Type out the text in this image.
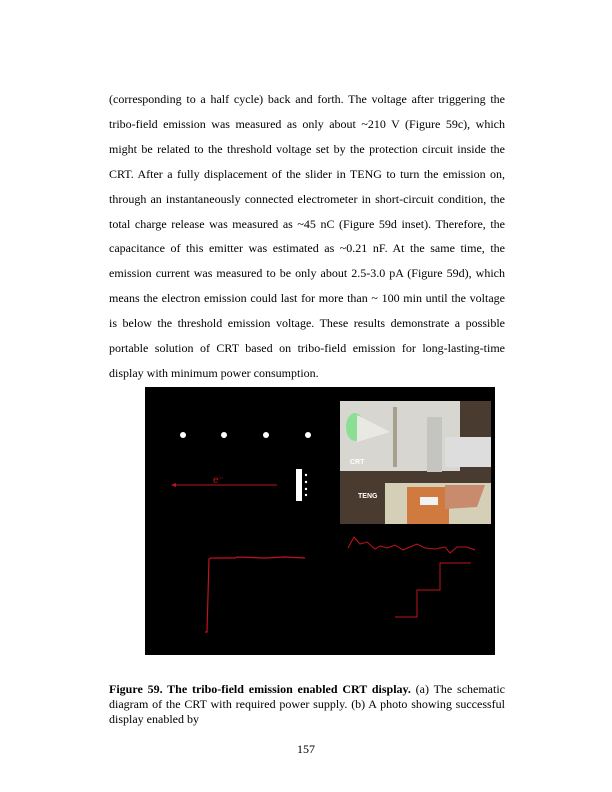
(corresponding to a half cycle) back and forth. The voltage after triggering the tribo-field emission was measured as only about ~210 V (Figure 59c), which might be related to the threshold voltage set by the protection circuit inside the CRT. After a fully displacement of the slider in TENG to turn the emission on, through an instantaneously connected electrometer in short-circuit condition, the total charge release was measured as ~45 nC (Figure 59d inset). Therefore, the capacitance of this emitter was estimated as ~0.21 nF. At the same time, the emission current was measured to be only about 2.5-3.0 pA (Figure 59d), which means the electron emission could last for more than ~ 100 min until the voltage is below the threshold emission voltage. These results demonstrate a possible portable solution of CRT based on tribo-field emission for long-lasting-time display with minimum power consumption.
e⁻
CRT
TENG
Figure 59. The tribo-field emission enabled CRT display. (a) The schematic diagram of the CRT with required power supply. (b) A photo showing successful display enabled by
157
